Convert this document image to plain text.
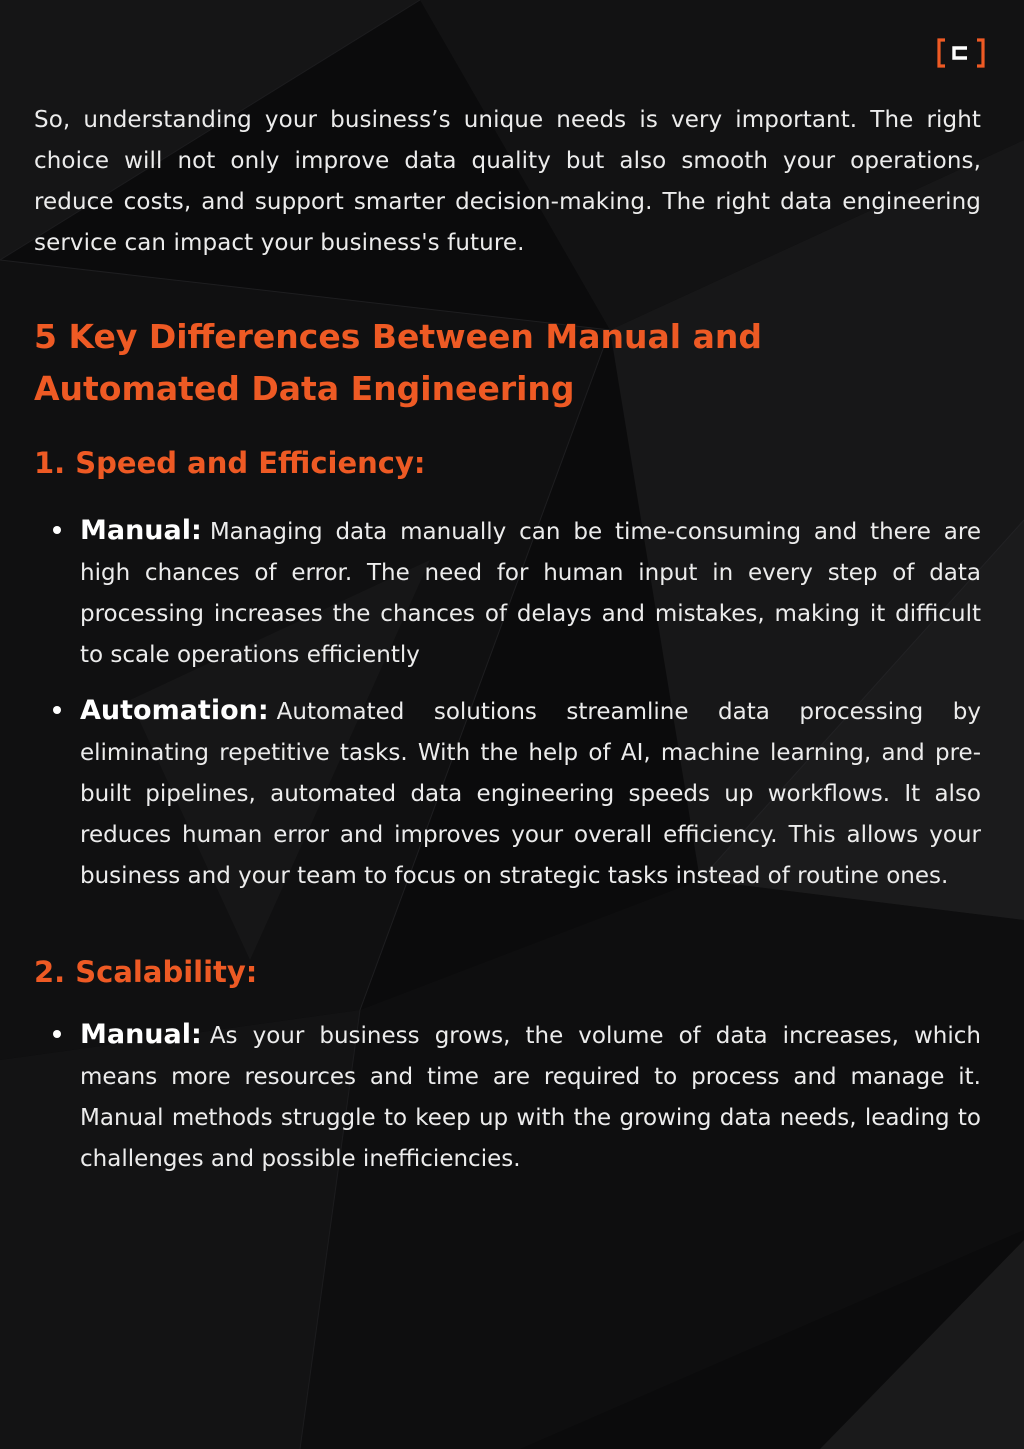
So, understanding your business’s unique needs is very important. The right choice will not only improve data quality but also smooth your operations, reduce costs, and support smarter decision-making. The right data engineering service can impact your business's future.

5 Key Differences Between Manual and Automated Data Engineering
1. Speed and Efficiency:
Manual: Managing data manually can be time-consuming and there are high chances of error. The need for human input in every step of data processing increases the chances of delays and mistakes, making it difficult to scale operations efficiently
Automation: Automated solutions streamline data processing by eliminating repetitive tasks. With the help of AI, machine learning, and pre-built pipelines, automated data engineering speeds up workflows. It also reduces human error and improves your overall efficiency. This allows your business and your team to focus on strategic tasks instead of routine ones.
2. Scalability:
Manual: As your business grows, the volume of data increases, which means more resources and time are required to process and manage it. Manual methods struggle to keep up with the growing data needs, leading to challenges and possible inefficiencies.
